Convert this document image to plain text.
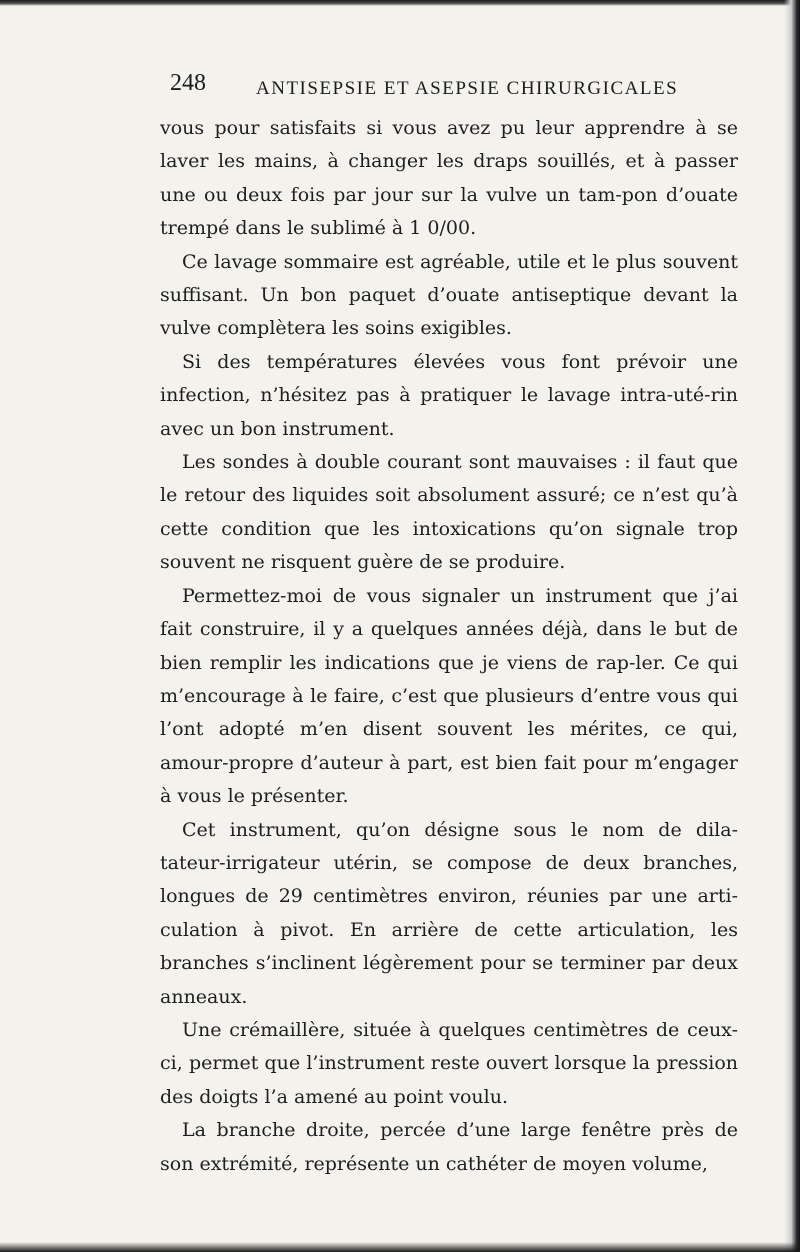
248	ANTISEPSIE ET ASEPSIE CHIRURGICALES

vous pour satisfaits si vous avez pu leur apprendre à se laver les mains, à changer les draps souillés, et à passer une ou deux fois par jour sur la vulve un tam-pon d’ouate trempé dans le sublimé à 1 0/00.

Ce lavage sommaire est agréable, utile et le plus souvent suffisant. Un bon paquet d’ouate antiseptique devant la vulve complètera les soins exigibles.

Si des températures élevées vous font prévoir une infection, n’hésitez pas à pratiquer le lavage intra-uté-rin avec un bon instrument.

Les sondes à double courant sont mauvaises : il faut que le retour des liquides soit absolument assuré; ce n’est qu’à cette condition que les intoxications qu’on signale trop souvent ne risquent guère de se produire.

Permettez-moi de vous signaler un instrument que j’ai fait construire, il y a quelques années déjà, dans le but de bien remplir les indications que je viens de rap-ler. Ce qui m’encourage à le faire, c’est que plusieurs d’entre vous qui l’ont adopté m’en disent souvent les mérites, ce qui, amour-propre d’auteur à part, est bien fait pour m’engager à vous le présenter.

Cet instrument, qu’on désigne sous le nom de dila-tateur-irrigateur utérin, se compose de deux branches, longues de 29 centimètres environ, réunies par une arti-culation à pivot. En arrière de cette articulation, les branches s’inclinent légèrement pour se terminer par deux anneaux.

Une crémaillère, située à quelques centimètres de ceux-ci, permet que l’instrument reste ouvert lorsque la pression des doigts l’a amené au point voulu.

La branche droite, percée d’une large fenêtre près de son extrémité, représente un cathéter de moyen volume,
